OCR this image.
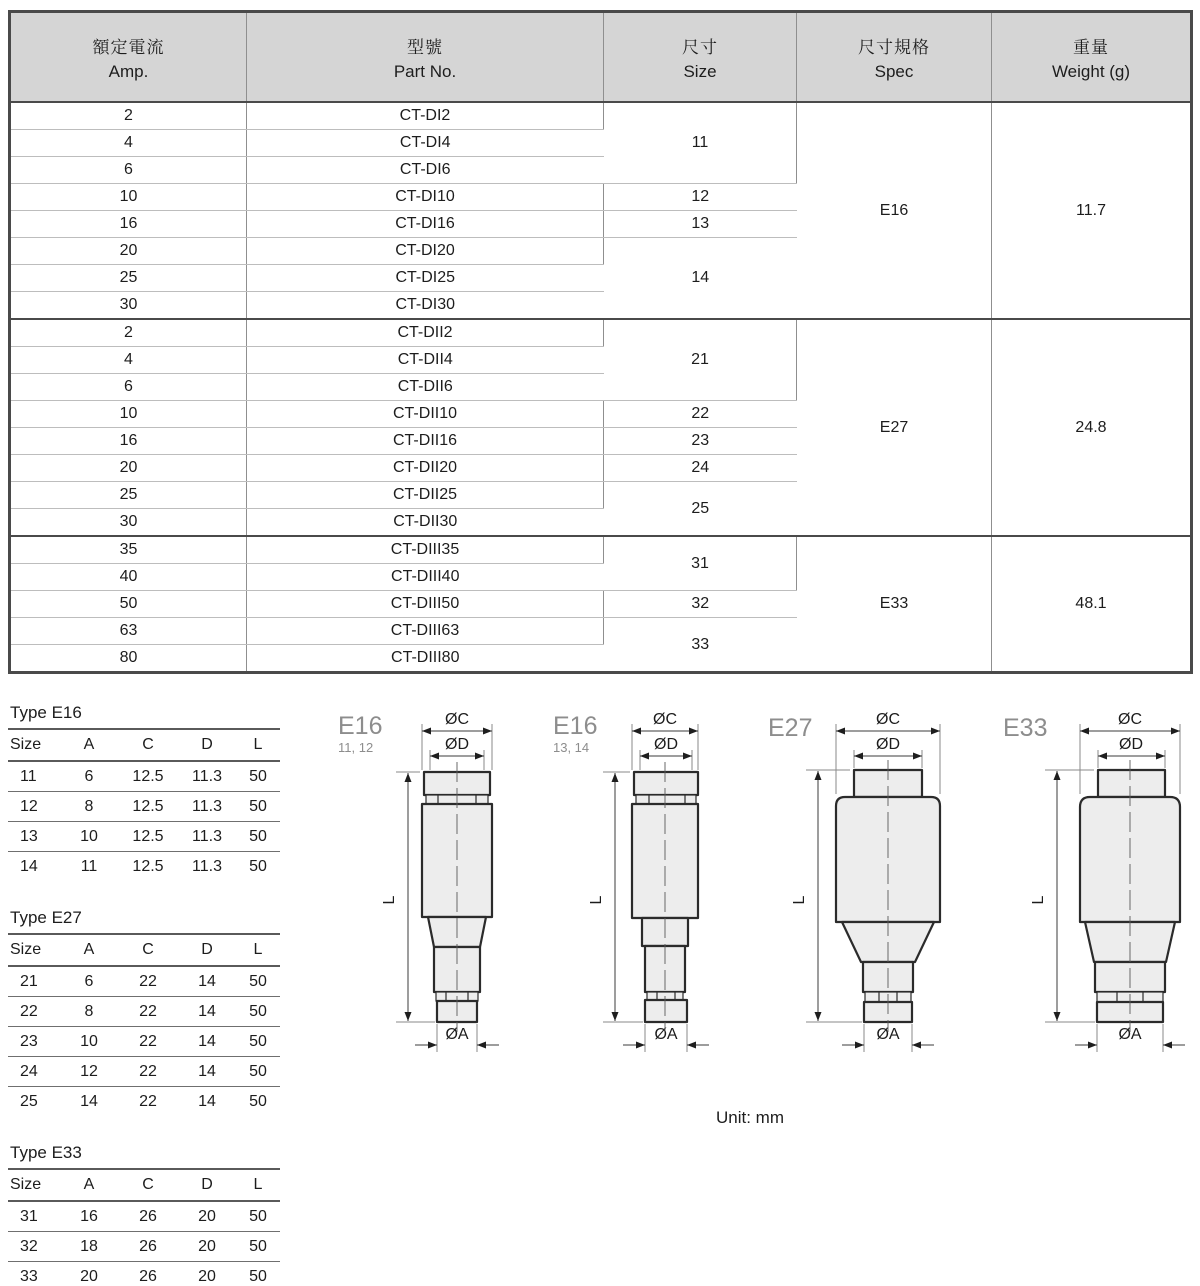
額定電流
Amp.

型號
Part No.

尺寸
Size

尺寸規格
Spec

重量
Weight (g)

2	CT-DI2	11	E16	11.7
4	CT-DI4			
6	CT-DI6			
10	CT-DI10	12		
16	CT-DI16	13		
20	CT-DI20	14		
25	CT-DI25			
30	CT-DI30			
2	CT-DII2	21	E27	24.8
4	CT-DII4			
6	CT-DII6			
10	CT-DII10	22		
16	CT-DII16	23		
20	CT-DII20	24		
25	CT-DII25	25		
30	CT-DII30			
35	CT-DIII35	31	E33	48.1
40	CT-DIII40			
50	CT-DIII50	32		
63	CT-DIII63	33		
80	CT-DIII80			
Type E16
Size	A	C	D	L
11	6	12.5	11.3	50
12	8	12.5	11.3	50
13	10	12.5	11.3	50
14	11	12.5	11.3	50
Type E27
Size	A	C	D	L
21	6	22	14	50
22	8	22	14	50
23	10	22	14	50
24	12	22	14	50
25	14	22	14	50
Type E33
Size	A	C	D	L
31	16	26	20	50
32	18	26	20	50
33	20	26	20	50
E16
11, 12
ØC
ØD
L
ØA
E16
13, 14
ØC
ØD
L
ØA
E27	ØC
ØD
L
ØA
E33	ØC
ØD
L
ØA
Unit: mm
